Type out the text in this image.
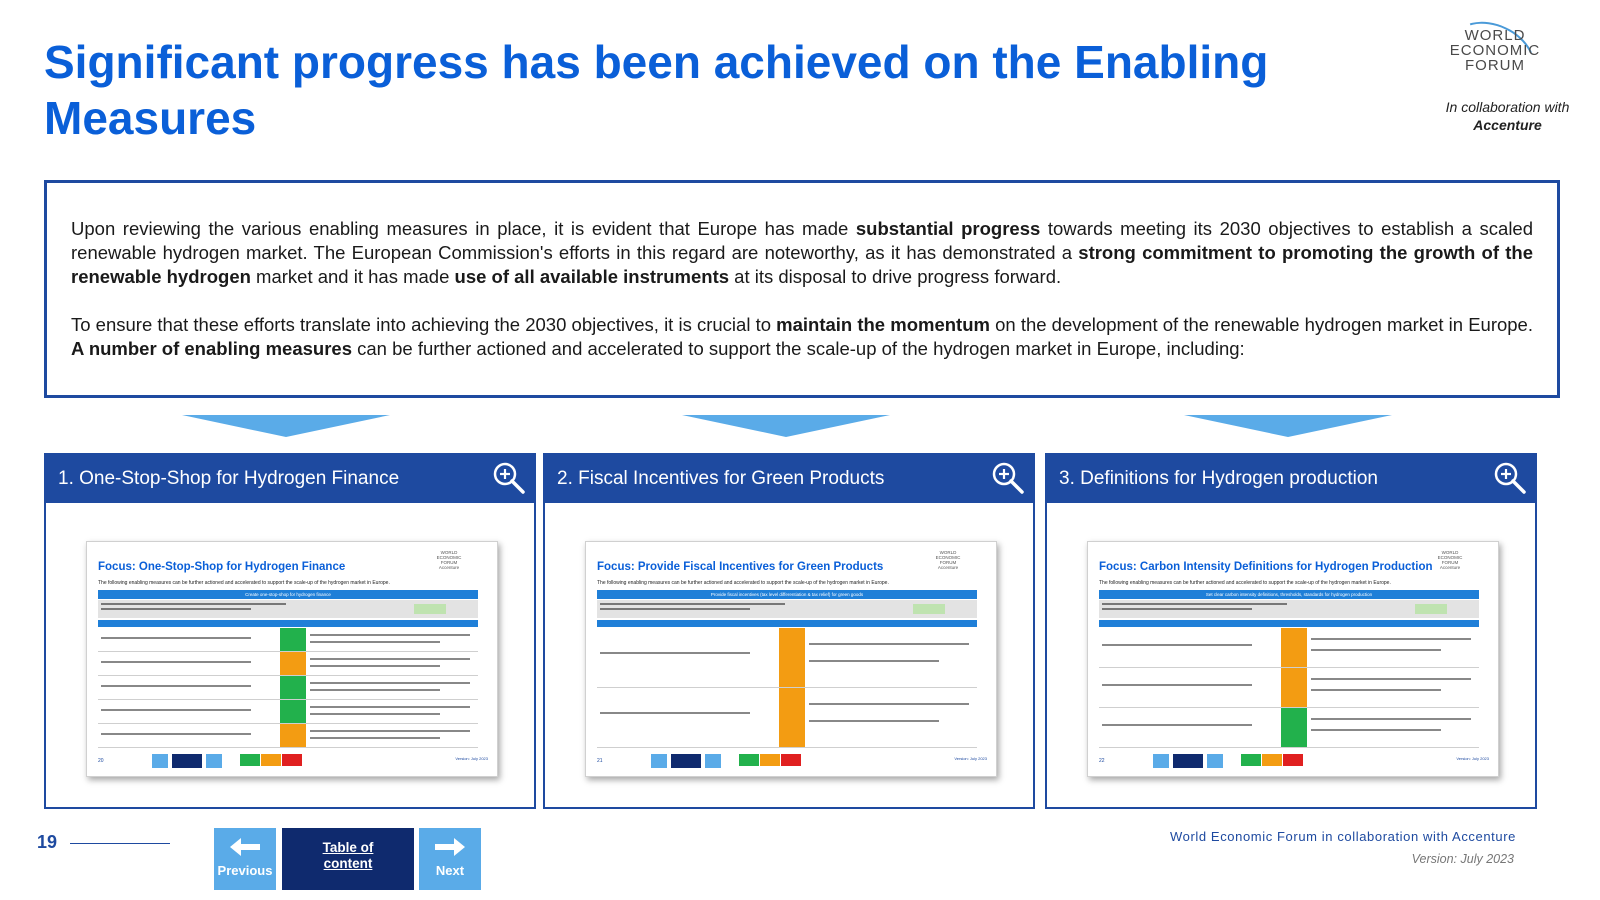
Significant progress has been achieved on the Enabling Measures
WORLD
ECONOMIC
FORUM
In collaboration with
Accenture

Upon reviewing the various enabling measures in place, it is evident that Europe has made substantial progress towards meeting its 2030 objectives to establish a scaled renewable hydrogen market. The European Commission's efforts in this regard are noteworthy, as it has demonstrated a strong commitment to promoting the growth of the renewable hydrogen market and it has made use of all available instruments at its disposal to drive progress forward.

To ensure that these efforts translate into achieving the 2030 objectives, it is crucial to maintain the momentum on the development of the renewable hydrogen market in Europe. A number of enabling measures can be further actioned and accelerated to support the scale-up of the hydrogen market in Europe, including:

1. One-Stop-Shop for Hydrogen Finance
Focus: One-Stop-Shop for Hydrogen Finance
The following enabling measures can be further actioned and accelerated to support the scale-up of the hydrogen market in Europe.
WORLD
ECONOMIC
FORUM
Accenture
Create one-stop-shop for hydrogen finance
20	Version: July 2023
2. Fiscal Incentives for Green Products
Focus: Provide Fiscal Incentives for Green Products
The following enabling measures can be further actioned and accelerated to support the scale-up of the hydrogen market in Europe.
WORLD
ECONOMIC
FORUM
Accenture
Provide fiscal incentives (tax level differentiation & tax relief) for green goods
21	Version: July 2023
3. Definitions for Hydrogen production
Focus: Carbon Intensity Definitions for Hydrogen Production
The following enabling measures can be further actioned and accelerated to support the scale-up of the hydrogen market in Europe.
WORLD
ECONOMIC
FORUM
Accenture
Set clear carbon intensity definitions, thresholds, standards for hydrogen production
22	Version: July 2023
19
Previous
Table of
content	Next
World Economic Forum in collaboration with Accenture
Version: July 2023
